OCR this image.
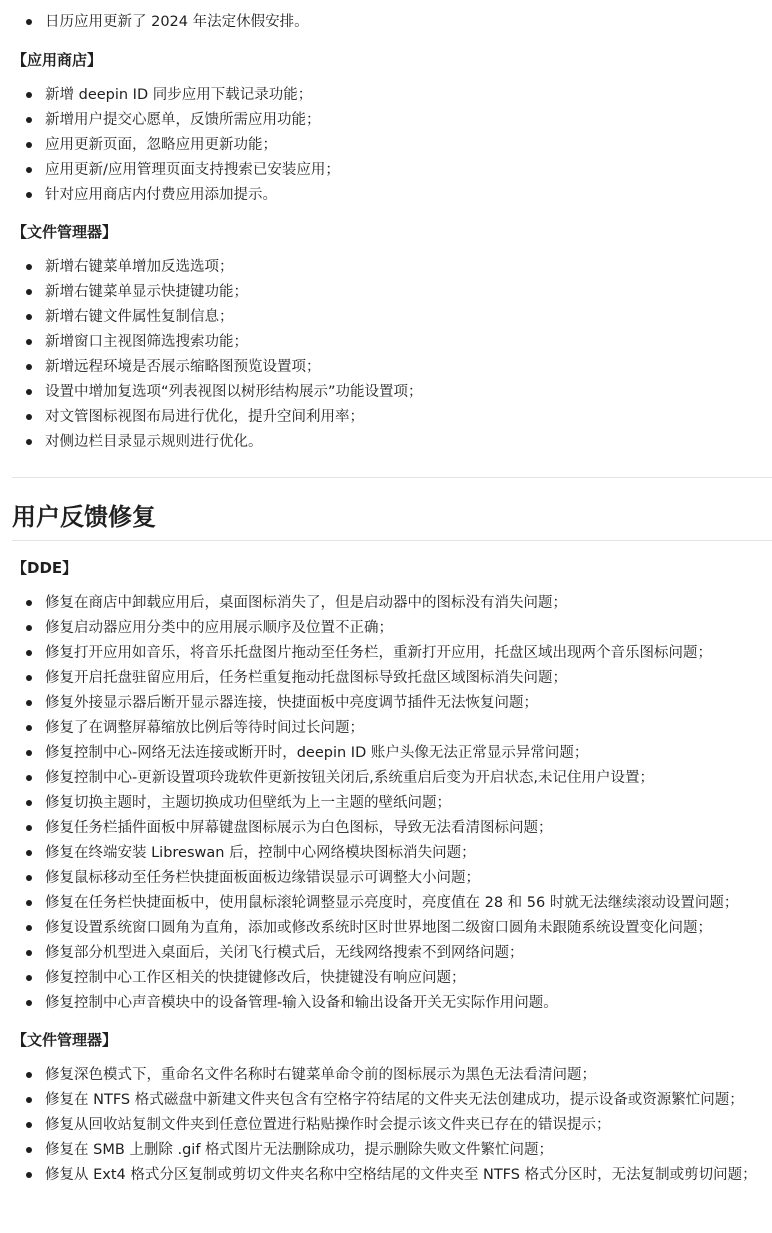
日历应用更新了 2024 年法定休假安排。
【应用商店】
新增 deepin ID 同步应用下载记录功能；
新增用户提交心愿单，反馈所需应用功能；
应用更新页面，忽略应用更新功能；
应用更新/应用管理页面支持搜索已安装应用；
针对应用商店内付费应用添加提示。
【文件管理器】
新增右键菜单增加反选选项；
新增右键菜单显示快捷键功能；
新增右键文件属性复制信息；
新增窗口主视图筛选搜索功能；
新增远程环境是否展示缩略图预览设置项；
设置中增加复选项“列表视图以树形结构展示”功能设置项；
对文管图标视图布局进行优化，提升空间利用率；
对侧边栏目录显示规则进行优化。
用户反馈修复
【DDE】
修复在商店中卸载应用后，桌面图标消失了，但是启动器中的图标没有消失问题；
修复启动器应用分类中的应用展示顺序及位置不正确；
修复打开应用如音乐，将音乐托盘图片拖动至任务栏，重新打开应用，托盘区域出现两个音乐图标问题；
修复开启托盘驻留应用后，任务栏重复拖动托盘图标导致托盘区域图标消失问题；
修复外接显示器后断开显示器连接，快捷面板中亮度调节插件无法恢复问题；
修复了在调整屏幕缩放比例后等待时间过长问题；
修复控制中心-网络无法连接或断开时，deepin ID 账户头像无法正常显示异常问题；
修复控制中心-更新设置项玲珑软件更新按钮关闭后,系统重启后变为开启状态,未记住用户设置；
修复切换主题时，主题切换成功但壁纸为上一主题的壁纸问题；
修复任务栏插件面板中屏幕键盘图标展示为白色图标，导致无法看清图标问题；
修复在终端安装 Libreswan 后，控制中心网络模块图标消失问题；
修复鼠标移动至任务栏快捷面板面板边缘错误显示可调整大小问题；
修复在任务栏快捷面板中，使用鼠标滚轮调整显示亮度时，亮度值在 28 和 56 时就无法继续滚动设置问题；
修复设置系统窗口圆角为直角，添加或修改系统时区时世界地图二级窗口圆角未跟随系统设置变化问题；
修复部分机型进入桌面后，关闭飞行模式后，无线网络搜索不到网络问题；
修复控制中心工作区相关的快捷键修改后，快捷键没有响应问题；
修复控制中心声音模块中的设备管理-输入设备和输出设备开关无实际作用问题。
【文件管理器】
修复深色模式下，重命名文件名称时右键菜单命令前的图标展示为黑色无法看清问题；
修复在 NTFS 格式磁盘中新建文件夹包含有空格字符结尾的文件夹无法创建成功，提示设备或资源繁忙问题；
修复从回收站复制文件夹到任意位置进行粘贴操作时会提示该文件夹已存在的错误提示；
修复在 SMB 上删除 .gif 格式图片无法删除成功，提示删除失败文件繁忙问题；
修复从 Ext4 格式分区复制或剪切文件夹名称中空格结尾的文件夹至 NTFS 格式分区时，无法复制或剪切问题；
